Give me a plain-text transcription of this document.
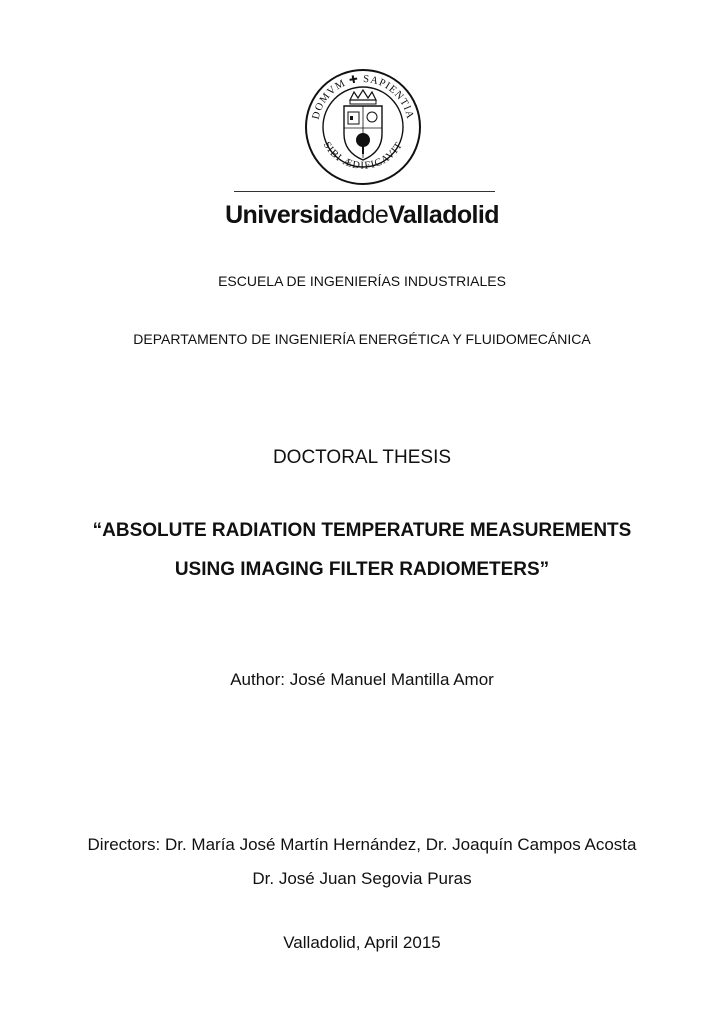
DOMVM ✚ SAPIENTIA
SIBI ÆDIFICAVIT
UniversidaddeValladolid
ESCUELA DE INGENIERÍAS INDUSTRIALES
DEPARTAMENTO DE INGENIERÍA ENERGÉTICA Y FLUIDOMECÁNICA
DOCTORAL THESIS
“ABSOLUTE RADIATION TEMPERATURE MEASUREMENTS
USING IMAGING FILTER RADIOMETERS”
Author: José Manuel Mantilla Amor
Directors: Dr. María José Martín Hernández, Dr. Joaquín Campos Acosta
Dr. José Juan Segovia Puras
Valladolid, April 2015
